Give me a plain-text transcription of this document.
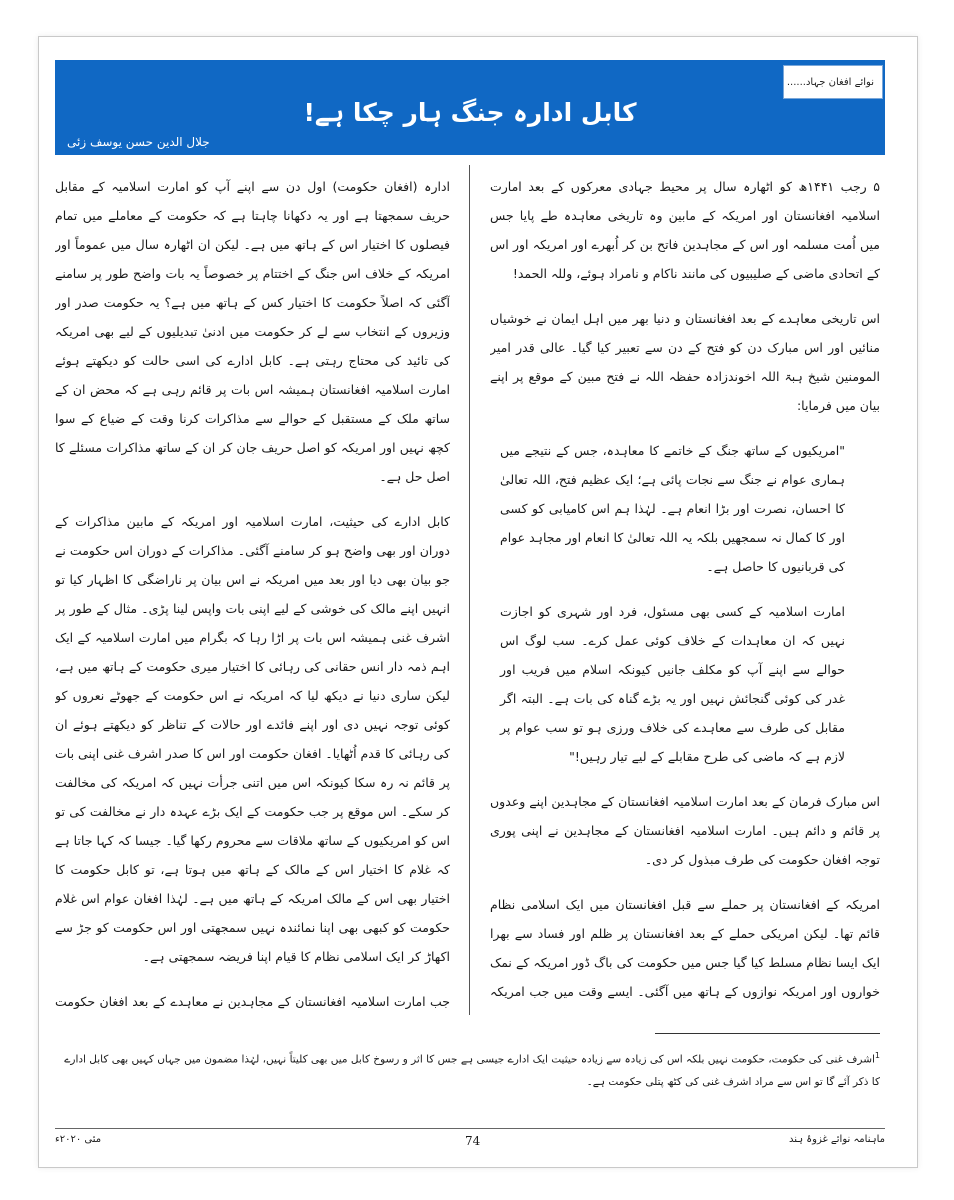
نوائے افغان جہاد......
کابل ادارہ جنگ ہار چکا ہے!
جلال الدین حسن یوسف زئی

۵ رجب ۱۴۴۱ھ کو اٹھارہ سال پر محیط جہادی معرکوں کے بعد امارت اسلامیہ افغانستان اور امریکہ کے مابین وہ تاریخی معاہدہ طے پایا جس میں اُمت مسلمہ اور اس کے مجاہدین فاتح بن کر اُبھرے اور امریکہ اور اس کے اتحادی ماضی کے صلیبیوں کی مانند ناکام و نامراد ہوئے، وللہ الحمد!

اس تاریخی معاہدے کے بعد افغانستان و دنیا بھر میں اہل ایمان نے خوشیاں منائیں اور اس مبارک دن کو فتح کے دن سے تعبیر کیا گیا۔ عالی قدر امیر المومنین شیخ ہبۃ اللہ اخوندزادہ حفظہ اللہ نے فتح مبین کے موقع پر اپنے بیان میں فرمایا:

"امریکیوں کے ساتھ جنگ کے خاتمے کا معاہدہ، جس کے نتیجے میں ہماری عوام نے جنگ سے نجات پائی ہے؛ ایک عظیم فتح، اللہ تعالیٰ کا احسان، نصرت اور بڑا انعام ہے۔ لہٰذا ہم اس کامیابی کو کسی اور کا کمال نہ سمجھیں بلکہ یہ اللہ تعالیٰ کا انعام اور مجاہد عوام کی قربانیوں کا حاصل ہے۔

امارت اسلامیہ کے کسی بھی مسئول، فرد اور شہری کو اجازت نہیں کہ ان معاہدات کے خلاف کوئی عمل کرے۔ سب لوگ اس حوالے سے اپنے آپ کو مکلف جانیں کیونکہ اسلام میں فریب اور غدر کی کوئی گنجائش نہیں اور یہ بڑے گناہ کی بات ہے۔ البتہ اگر مقابل کی طرف سے معاہدے کی خلاف ورزی ہو تو سب عوام پر لازم ہے کہ ماضی کی طرح مقابلے کے لیے تیار رہیں!"

اس مبارک فرمان کے بعد امارت اسلامیہ افغانستان کے مجاہدین اپنے وعدوں پر قائم و دائم ہیں۔ امارت اسلامیہ افغانستان کے مجاہدین نے اپنی پوری توجہ افغان حکومت کی طرف مبذول کر دی۔

امریکہ کے افغانستان پر حملے سے قبل افغانستان میں ایک اسلامی نظام قائم تھا۔ لیکن امریکی حملے کے بعد افغانستان پر ظلم اور فساد سے بھرا ایک ایسا نظام مسلط کیا گیا جس میں حکومت کی باگ ڈور امریکہ کے نمک خواروں اور امریکہ نوازوں کے ہاتھ میں آگئی۔ ایسے وقت میں جب امریکہ

ادارہ (افغان حکومت) اول دن سے اپنے آپ کو امارت اسلامیہ کے مقابل حریف سمجھتا ہے اور یہ دکھانا چاہتا ہے کہ حکومت کے معاملے میں تمام فیصلوں کا اختیار اس کے ہاتھ میں ہے۔ لیکن ان اٹھارہ سال میں عموماً اور امریکہ کے خلاف اس جنگ کے اختتام پر خصوصاً یہ بات واضح طور پر سامنے آگئی کہ اصلاً حکومت کا اختیار کس کے ہاتھ میں ہے؟ یہ حکومت صدر اور وزیروں کے انتخاب سے لے کر حکومت میں ادنیٰ تبدیلیوں کے لیے بھی امریکہ کی تائید کی محتاج رہتی ہے۔ کابل ادارے کی اسی حالت کو دیکھتے ہوئے امارت اسلامیہ افغانستان ہمیشہ اس بات پر قائم رہی ہے کہ محض ان کے ساتھ ملک کے مستقبل کے حوالے سے مذاکرات کرنا وقت کے ضیاع کے سوا کچھ نہیں اور امریکہ کو اصل حریف جان کر ان کے ساتھ مذاکرات مسئلے کا اصل حل ہے۔

کابل ادارے کی حیثیت، امارت اسلامیہ اور امریکہ کے مابین مذاکرات کے دوران اور بھی واضح ہو کر سامنے آگئی۔ مذاکرات کے دوران اس حکومت نے جو بیان بھی دیا اور بعد میں امریکہ نے اس بیان پر ناراضگی کا اظہار کیا تو انہیں اپنے مالک کی خوشی کے لیے اپنی بات واپس لینا پڑی۔ مثال کے طور پر اشرف غنی ہمیشہ اس بات پر اڑا رہا کہ بگرام میں امارت اسلامیہ کے ایک اہم ذمہ دار انس حقانی کی رہائی کا اختیار میری حکومت کے ہاتھ میں ہے، لیکن ساری دنیا نے دیکھ لیا کہ امریکہ نے اس حکومت کے جھوٹے نعروں کو کوئی توجہ نہیں دی اور اپنے فائدے اور حالات کے تناظر کو دیکھتے ہوئے ان کی رہائی کا قدم اُٹھایا۔ افغان حکومت اور اس کا صدر اشرف غنی اپنی بات پر قائم نہ رہ سکا کیونکہ اس میں اتنی جرأت نہیں کہ امریکہ کی مخالفت کر سکے۔ اس موقع پر جب حکومت کے ایک بڑے عہدہ دار نے مخالفت کی تو اس کو امریکیوں کے ساتھ ملاقات سے محروم رکھا گیا۔ جیسا کہ کہا جاتا ہے کہ غلام کا اختیار اس کے مالک کے ہاتھ میں ہوتا ہے، تو کابل حکومت کا اختیار بھی اس کے مالک امریکہ کے ہاتھ میں ہے۔ لہٰذا افغان عوام اس غلام حکومت کو کبھی بھی اپنا نمائندہ نہیں سمجھتی اور اس حکومت کو جڑ سے اکھاڑ کر ایک اسلامی نظام کا قیام اپنا فریضہ سمجھتی ہے۔

جب امارت اسلامیہ افغانستان کے مجاہدین نے معاہدے کے بعد افغان حکومت

$^1$اشرف غنی کی حکومت، حکومت نہیں بلکہ اس کی زیادہ سے زیادہ حیثیت ایک ادارے جیسی ہے جس کا اثر و رسوخ کابل میں بھی کلیتاً نہیں، لہٰذا مضمون میں جہاں کہیں بھی کابل ادارے کا ذکر آئے گا تو اس سے مراد اشرف غنی کی کٹھ پتلی حکومت ہے۔
ماہنامہ نوائے غزوۂ ہند
74
مئی ۲۰۲۰ء
